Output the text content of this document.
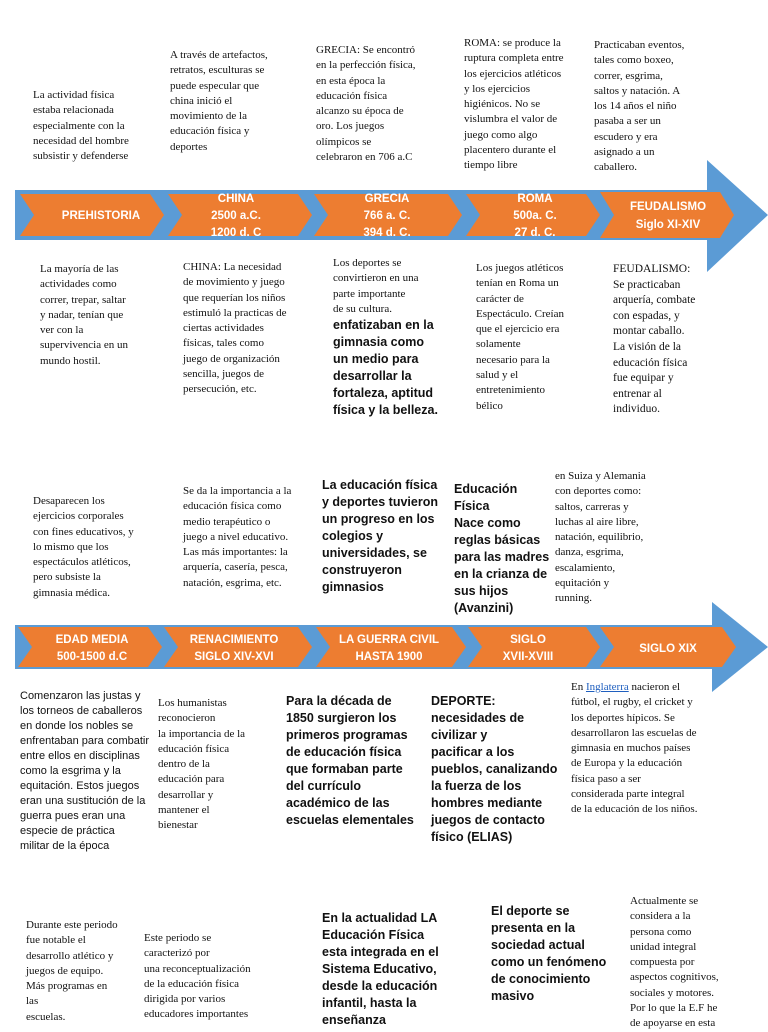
La actividad física
estaba relacionada
especialmente con la
necesidad del hombre
subsistir y defenderse

A través de artefactos,
retratos, esculturas se
puede especular que
china inició el
movimiento de la
educación física y
deportes

GRECIA: Se encontró
en la perfección física,
en esta época la
educación física
alcanzo su época de
oro. Los juegos
olímpicos se
celebraron en 706 a.C

ROMA: se produce la
ruptura completa entre
los ejercicios atléticos
y los ejercicios
higiénicos. No se
vislumbra el valor de
juego como algo
placentero durante el
tiempo libre

Practicaban eventos,
tales como boxeo,
correr, esgrima,
saltos y natación. A
los 14 años el niño
pasaba a ser un
escudero y era
asignado a un
caballero.

PREHISTORIA
CHINA
2500 a.C.
1200 d. C
GRECIA
766 a. C.
394 d. C.
ROMA
500a. C.
27 d. C.
FEUDALISMO
Siglo XI-XIV

La mayoría de las
actividades como
correr, trepar, saltar
y nadar, tenían que
ver con la
supervivencia en un
mundo hostil.

CHINA: La necesidad
de movimiento y juego
que requerían los niños
estimuló la practicas de
ciertas actividades
físicas, tales como
juego de organización
sencilla, juegos de
persecución, etc.

Los deportes se
convirtieron en una
parte importante
de su cultura.

enfatizaban en la
gimnasia como
un medio para
desarrollar la
fortaleza, aptitud
física y la belleza.

Los juegos atléticos
tenían en Roma un
carácter de
Espectáculo. Creían
que el ejercicio era
solamente
necesario para la
salud y el
entretenimiento
bélico

FEUDALISMO:
Se practicaban
arquería, combate
con espadas, y
montar caballo.
La visión de la
educación física
fue equipar y
entrenar al
individuo.

Desaparecen los
ejercicios corporales
con fines educativos, y
lo mismo que los
espectáculos atléticos,
pero subsiste la
gimnasia médica.

Se da la importancia a la
educación física como
medio terapéutico o
juego a nivel educativo.
Las más importantes: la
arquería, casería, pesca,
natación, esgrima, etc.

La educación física
y deportes tuvieron
un progreso en los
colegios y
universidades, se
construyeron
gimnasios

Educación Física
Nace como
reglas básicas
para las madres
en la crianza de
sus hijos
(Avanzini)

en Suiza y Alemania
con deportes como:
saltos, carreras y
luchas al aire libre,
natación, equilibrio,
danza, esgrima,
escalamiento,
equitación y
running.

EDAD MEDIA
500-1500 d.C
RENACIMIENTO
SIGLO XIV-XVI
LA GUERRA CIVIL
HASTA 1900
SIGLO
XVII-XVIII
SIGLO XIX

Comenzaron las justas y
los torneos de caballeros
en donde los nobles se
enfrentaban para combatir
entre ellos en disciplinas
como la esgrima y la
equitación. Estos juegos
eran una sustitución de la
guerra pues eran una
especie de práctica
militar de la época

Los humanistas
reconocieron
la importancia de la
educación física
dentro de la
educación para
desarrollar y
mantener el
bienestar

Para la década de
1850 surgieron los
primeros programas
de educación física
que formaban parte
del currículo
académico de las
escuelas elementales

DEPORTE:
necesidades de
civilizar y
pacificar a los
pueblos, canalizando
la fuerza de los
hombres mediante
juegos de contacto
físico (ELIAS)

En Inglaterra nacieron el
fútbol, el rugby, el cricket y
los deportes hípicos. Se
desarrollaron las escuelas de
gimnasia en muchos países
de Europa y la educación
física paso a ser
considerada parte integral
de la educación de los niños.

Durante este periodo
fue notable el
desarrollo atlético y
juegos de equipo.
Más programas en
las
escuelas.

Este periodo se
caracterizó por
una reconceptualización
de la educación física
dirigida por varios
educadores importantes

En la actualidad LA
Educación Física
esta integrada en el
Sistema Educativo,
desde la educación
infantil, hasta la
enseñanza

El deporte se
presenta en la
sociedad actual
como un fenómeno
de conocimiento
masivo

Actualmente se
considera a la
persona como
unidad integral
compuesta por
aspectos cognitivos,
sociales y motores.
Por lo que la E.F he
de apoyarse en esta
